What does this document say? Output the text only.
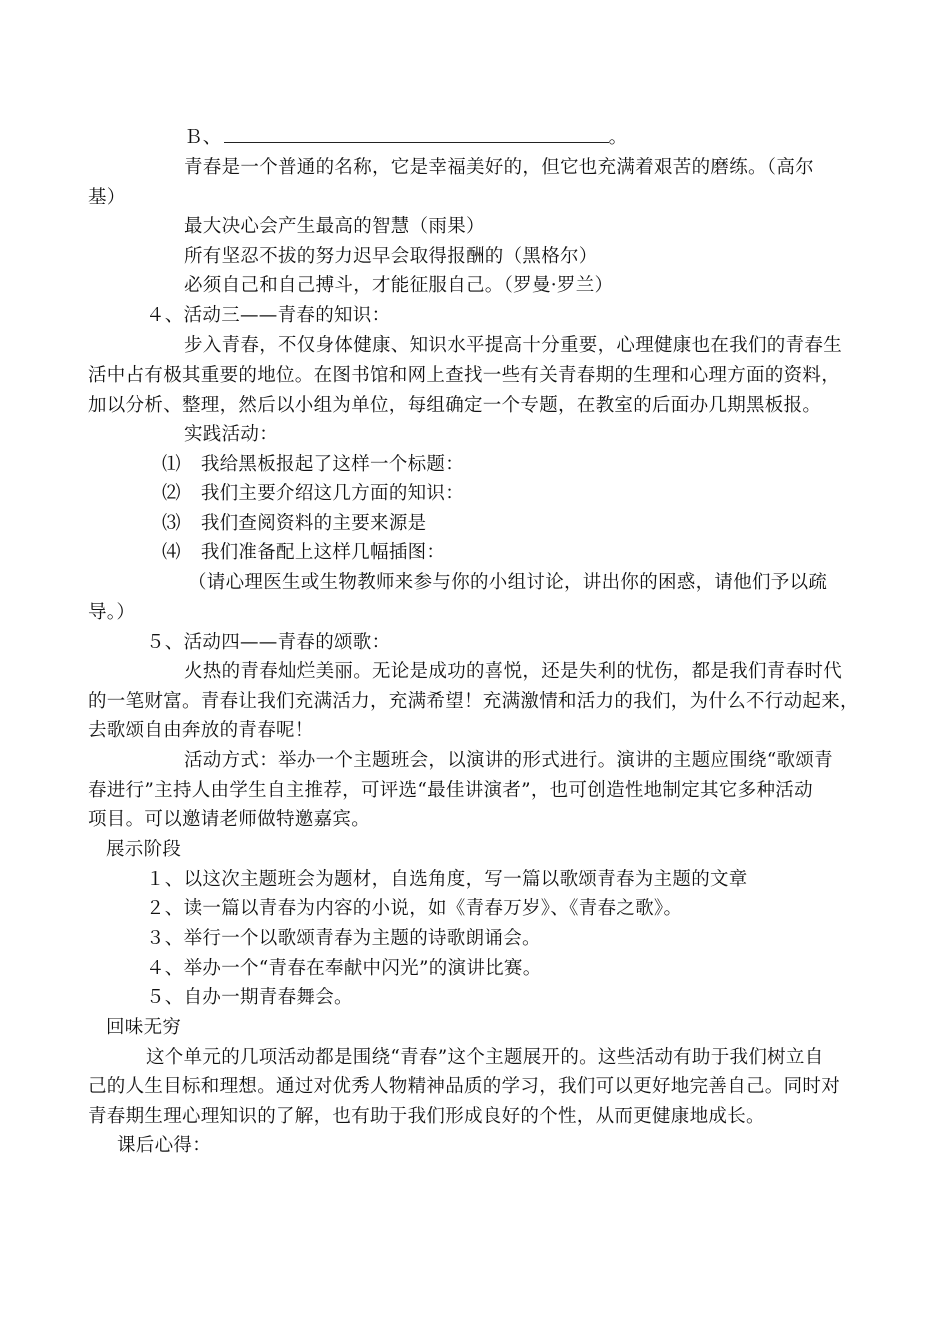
Ｂ、	。
青春是一个普通的名称，它是幸福美好的，但它也充满着艰苦的磨练。（高尔
基）
最大决心会产生最高的智慧（雨果）
所有坚忍不拔的努力迟早会取得报酬的（黑格尔）
必须自己和自己搏斗，才能征服自己。（罗曼·罗兰）
４、活动三——青春的知识：
步入青春，不仅身体健康、知识水平提高十分重要，心理健康也在我们的青春生
活中占有极其重要的地位。在图书馆和网上查找一些有关青春期的生理和心理方面的资料，
加以分析、整理，然后以小组为单位，每组确定一个专题，在教室的后面办几期黑板报。
实践活动：
⑴ 我给黑板报起了这样一个标题：
⑵ 我们主要介绍这几方面的知识：
⑶ 我们查阅资料的主要来源是
⑷ 我们准备配上这样几幅插图：
（请心理医生或生物教师来参与你的小组讨论，讲出你的困惑，请他们予以疏
导。）
５、活动四——青春的颂歌：
火热的青春灿烂美丽。无论是成功的喜悦，还是失利的忧伤，都是我们青春时代
的一笔财富。青春让我们充满活力，充满希望！充满激情和活力的我们，为什么不行动起来，
去歌颂自由奔放的青春呢！
活动方式：举办一个主题班会，以演讲的形式进行。演讲的主题应围绕“歌颂青
春进行”主持人由学生自主推荐，可评选“最佳讲演者”，也可创造性地制定其它多种活动
项目。可以邀请老师做特邀嘉宾。
展示阶段
１、以这次主题班会为题材，自选角度，写一篇以歌颂青春为主题的文章
２、读一篇以青春为内容的小说，如《青春万岁》、《青春之歌》。
３、举行一个以歌颂青春为主题的诗歌朗诵会。
４、举办一个“青春在奉献中闪光”的演讲比赛。
５、自办一期青春舞会。
回味无穷
这个单元的几项活动都是围绕“青春”这个主题展开的。这些活动有助于我们树立自
己的人生目标和理想。通过对优秀人物精神品质的学习，我们可以更好地完善自己。同时对
青春期生理心理知识的了解，也有助于我们形成良好的个性，从而更健康地成长。
课后心得：
